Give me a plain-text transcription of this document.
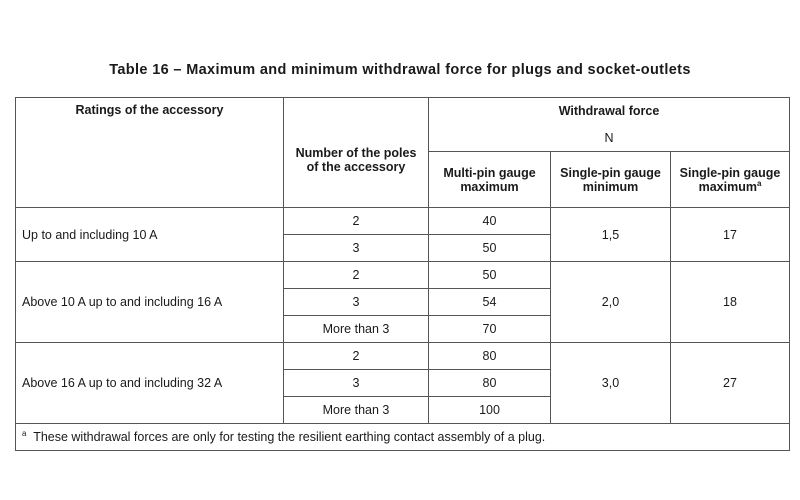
Table 16 – Maximum and minimum withdrawal force for plugs and socket-outlets
Ratings of the accessory	Number of the poles of the accessory	Withdrawal force		
		N		
		Multi-pin gauge maximum	Single-pin gauge minimum	Single-pin gauge maximum$^a$
Up to and including 10 A	2	40	1,5	17
	3	50		
Above 10 A up to and including 16 A	2	50	2,0	18
	3	54		
	More than 3	70		
Above 16 A up to and including 32 A	2	80	3,0	27
	3	80		
	More than 3	100		
$^a$ These withdrawal forces are only for testing the resilient earthing contact assembly of a plug.				
